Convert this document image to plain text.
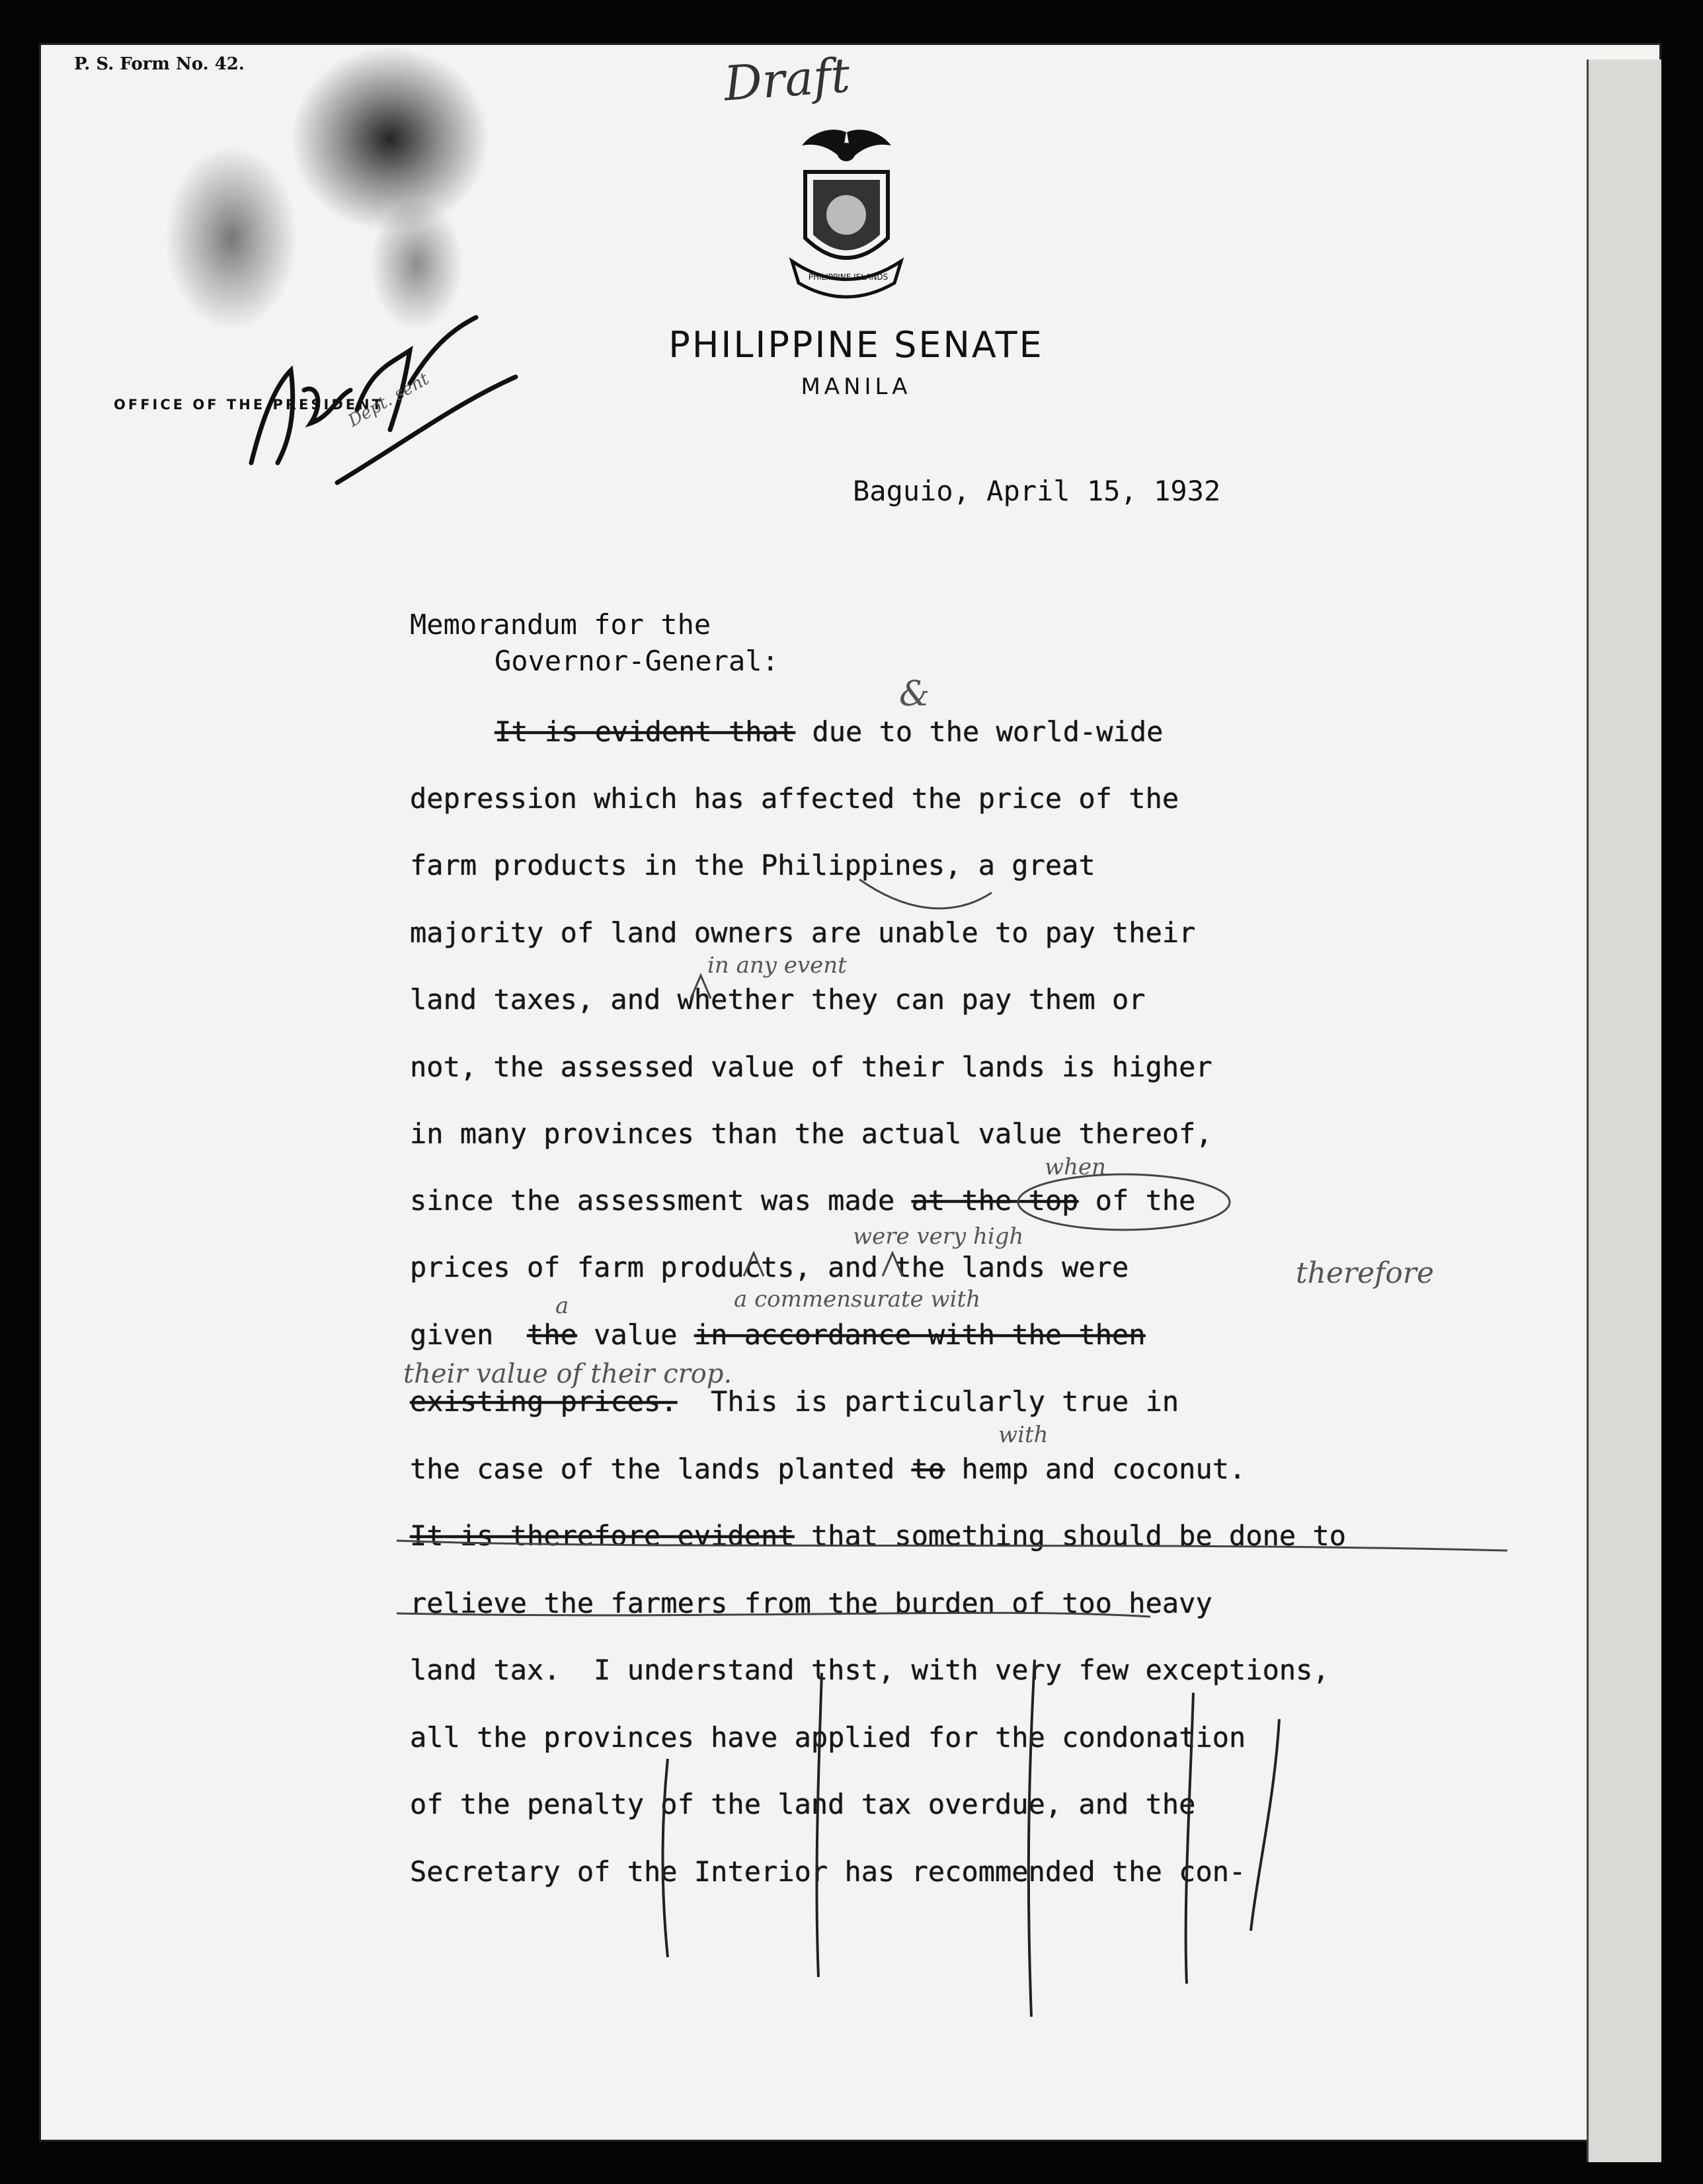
P. S. Form No. 42.	Draft
PHILIPPINE ISLANDS
PHILIPPINE SENATE
MANILA
OFFICE OF THE PRESIDENT
Dept. sent
Baguio, April 15, 1932
Memorandum for the
Governor-General:
It is evident that due to the world-wide
depression which has affected the price of the
farm products in the Philippines, a great
majority of land owners are unable to pay their
land taxes, and whether they can pay them or
not, the assessed value of their lands is higher
in many provinces than the actual value thereof,
since the assessment was made at the top of the
prices of farm products, and the lands were
given  the value in accordance with the then
existing prices.  This is particularly true in
the case of the lands planted to hemp and coconut.
It is therefore evident that something should be done to
relieve the farmers from the burden of too heavy
land tax.  I understand thst, with very few exceptions,
all the provinces have applied for the condonation
of the penalty of the land tax overdue, and the
Secretary of the Interior has recommended the con-
&
in any event
when
were very high
therefore
a	a commensurate with
their value of their crop.
with
